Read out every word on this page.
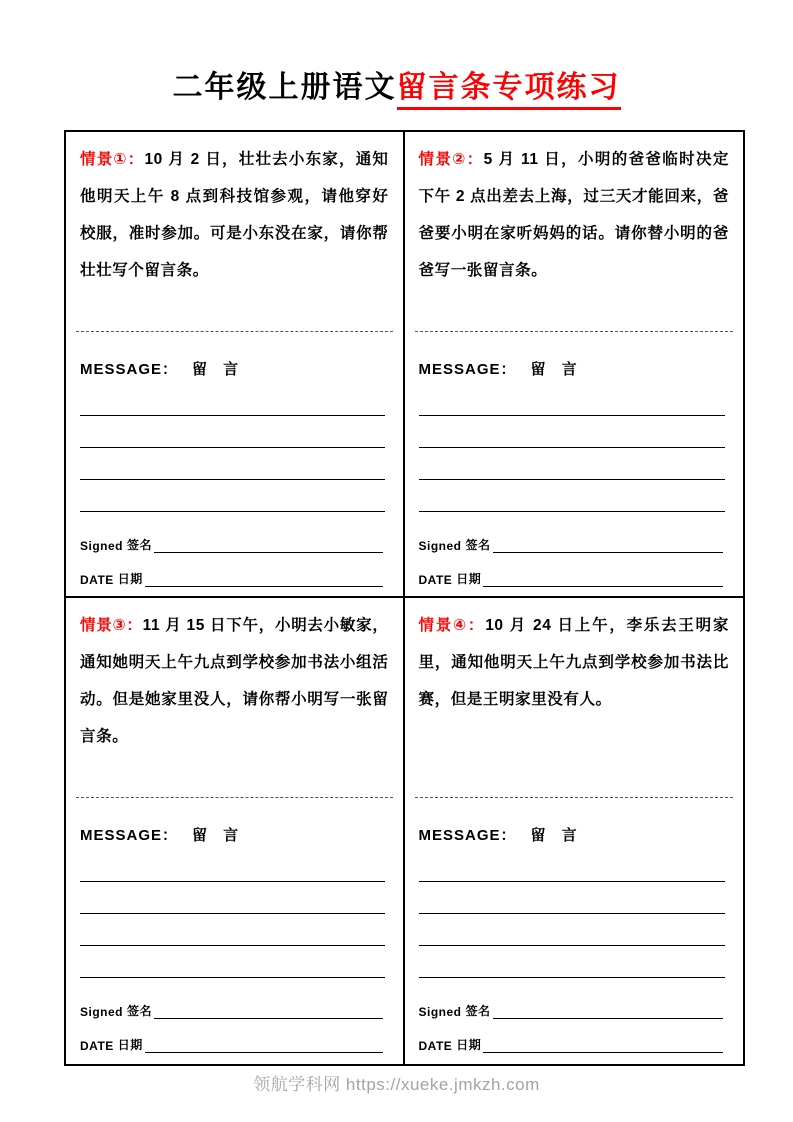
二年级上册语文留言条专项练习
情景①：10 月 2 日，壮壮去小东家，通知他明天上午 8 点到科技馆参观，请他穿好校服，准时参加。可是小东没在家，请你帮壮壮写个留言条。
MESSAGE： 留 言
Signed 签名
DATE 日期
情景②：5 月 11 日，小明的爸爸临时决定下午 2 点出差去上海，过三天才能回来，爸爸要小明在家听妈妈的话。请你替小明的爸爸写一张留言条。
MESSAGE： 留 言
Signed 签名
DATE 日期
情景③：11 月 15 日下午，小明去小敏家，通知她明天上午九点到学校参加书法小组活动。但是她家里没人，请你帮小明写一张留言条。
MESSAGE： 留 言
Signed 签名
DATE 日期
情景④：10 月 24 日上午，李乐去王明家里，通知他明天上午九点到学校参加书法比赛，但是王明家里没有人。
MESSAGE： 留 言
Signed 签名
DATE 日期
领航学科网 https://xueke.jmkzh.com
